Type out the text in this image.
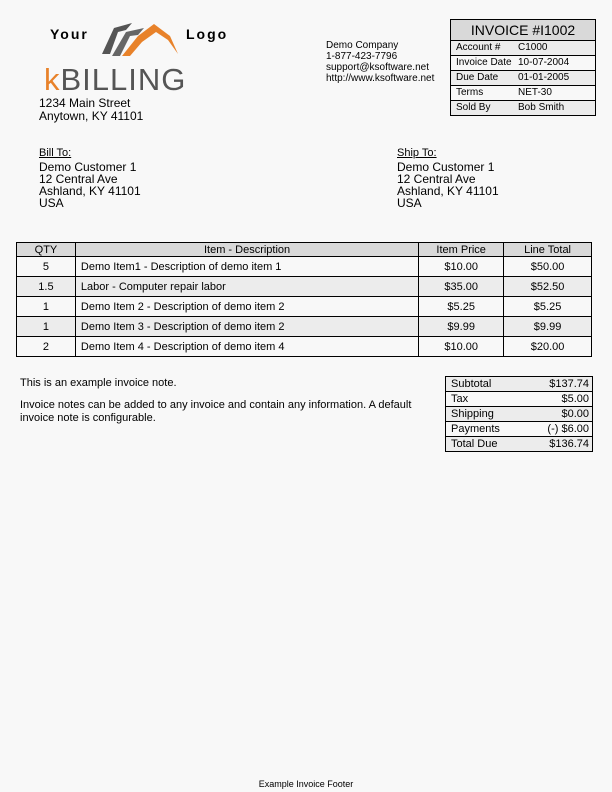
Your	Logo
kBILLING
1234 Main Street
Anytown, KY 41101
Demo Company
1-877-423-7796
support@ksoftware.net
http://www.ksoftware.net
INVOICE #I1002
Account #	C1000
Invoice Date 10-07-2004
Due Date	01-01-2005
Terms	NET-30
Sold By	Bob Smith
Bill To:
Demo Customer 1
12 Central Ave
Ashland, KY 41101
USA
Ship To:
Demo Customer 1
12 Central Ave
Ashland, KY 41101
USA
QTY	Item - Description	Item Price	Line Total
5	Demo Item1 - Description of demo item 1	$10.00	$50.00
1.5	Labor - Computer repair labor	$35.00	$52.50
1	Demo Item 2 - Description of demo item 2	$5.25	$5.25
1	Demo Item 3 - Description of demo item 2	$9.99	$9.99
2	Demo Item 4 - Description of demo item 4	$10.00	$20.00

This is an example invoice note.

Invoice notes can be added to any invoice and contain any information. A default invoice note is configurable.

Subtotal	$137.74
Tax	$5.00
Shipping	$0.00
Payments	(-) $6.00
Total Due	$136.74
Example Invoice Footer
